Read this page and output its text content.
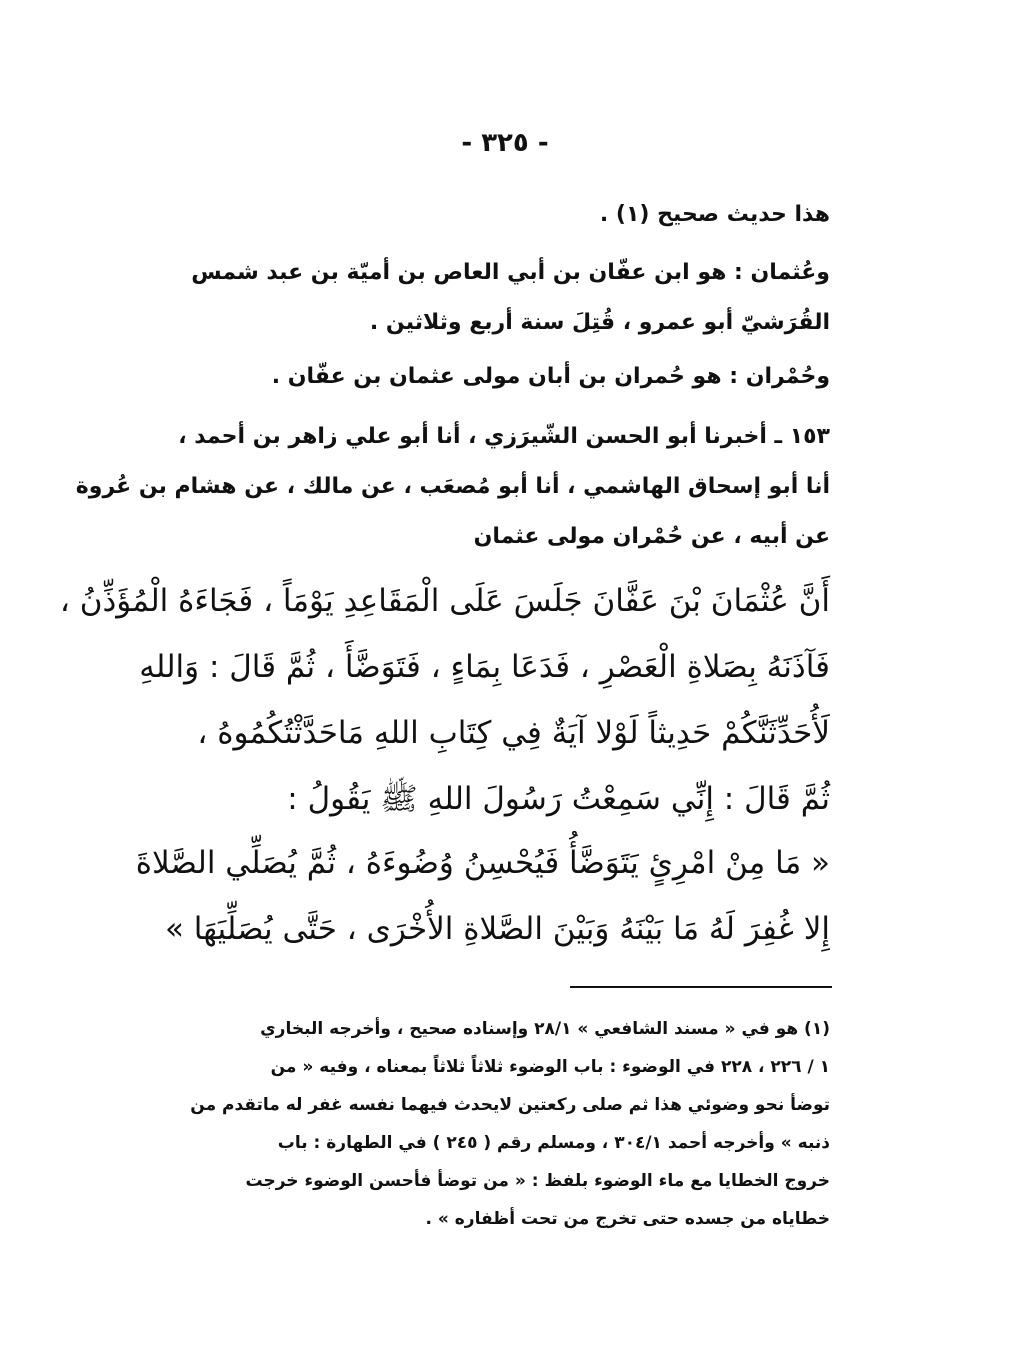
- ٣٢٥ -
هذا حديث صحيح (١) .
وعُثمان : هو ابن عفّان بن أبي العاص بن أميّة بن عبد شمس
القُرَشيّ أبو عمرو ، قُتِلَ سنة أربع وثلاثين .
وحُمْران : هو حُمران بن أبان مولى عثمان بن عفّان .
١٥٣ ـ أخبرنا أبو الحسن الشّيرَزي ، أنا أبو علي زاهر بن أحمد ،
أنا أبو إسحاق الهاشمي ، أنا أبو مُصعَب ، عن مالك ، عن هشام بن عُروة
عن أبيه ، عن حُمْران مولى عثمان
أَنَّ عُثْمَانَ بْنَ عَفَّانَ جَلَسَ عَلَى الْمَقَاعِدِ يَوْمَاً ، فَجَاءَهُ الْمُؤَذِّنُ ،
فَآذَنَهُ بِصَلاةِ الْعَصْرِ ، فَدَعَا بِمَاءٍ ، فَتَوَضَّأَ ، ثُمَّ قَالَ : وَاللهِ
لَأُحَدِّثَنَّكُمْ حَدِيثاً لَوْلا آيَةٌ فِي كِتَابِ اللهِ مَاحَدَّثْتُكُمُوهُ ،
ثُمَّ قَالَ : إِنِّي سَمِعْتُ رَسُولَ اللهِ ﷺ يَقُولُ :
« مَا مِنْ امْرِئٍ يَتَوَضَّأُ فَيُحْسِنُ وُضُوءَهُ ، ثُمَّ يُصَلِّي الصَّلاةَ
إِلا غُفِرَ لَهُ مَا بَيْنَهُ وَبَيْنَ الصَّلاةِ الأُخْرَى ، حَتَّى يُصَلِّيَهَا »
(١) هو في « مسند الشافعي » ٢٨/١ وإسناده صحيح ، وأخرجه البخاري
١ / ٢٢٦ ، ٢٢٨ في الوضوء : باب الوضوء ثلاثاً ثلاثاً بمعناه ، وفيه « من
توضأ نحو وضوئي هذا ثم صلى ركعتين لايحدث فيهما نفسه غفر له ماتقدم من
ذنبه » وأخرجه أحمد ٣٠٤/١ ، ومسلم رقم ( ٢٤٥ ) في الطهارة : باب
خروج الخطايا مع ماء الوضوء بلفظ : « من توضأ فأحسن الوضوء خرجت
خطاياه من جسده حتى تخرج من تحت أظفاره » .
